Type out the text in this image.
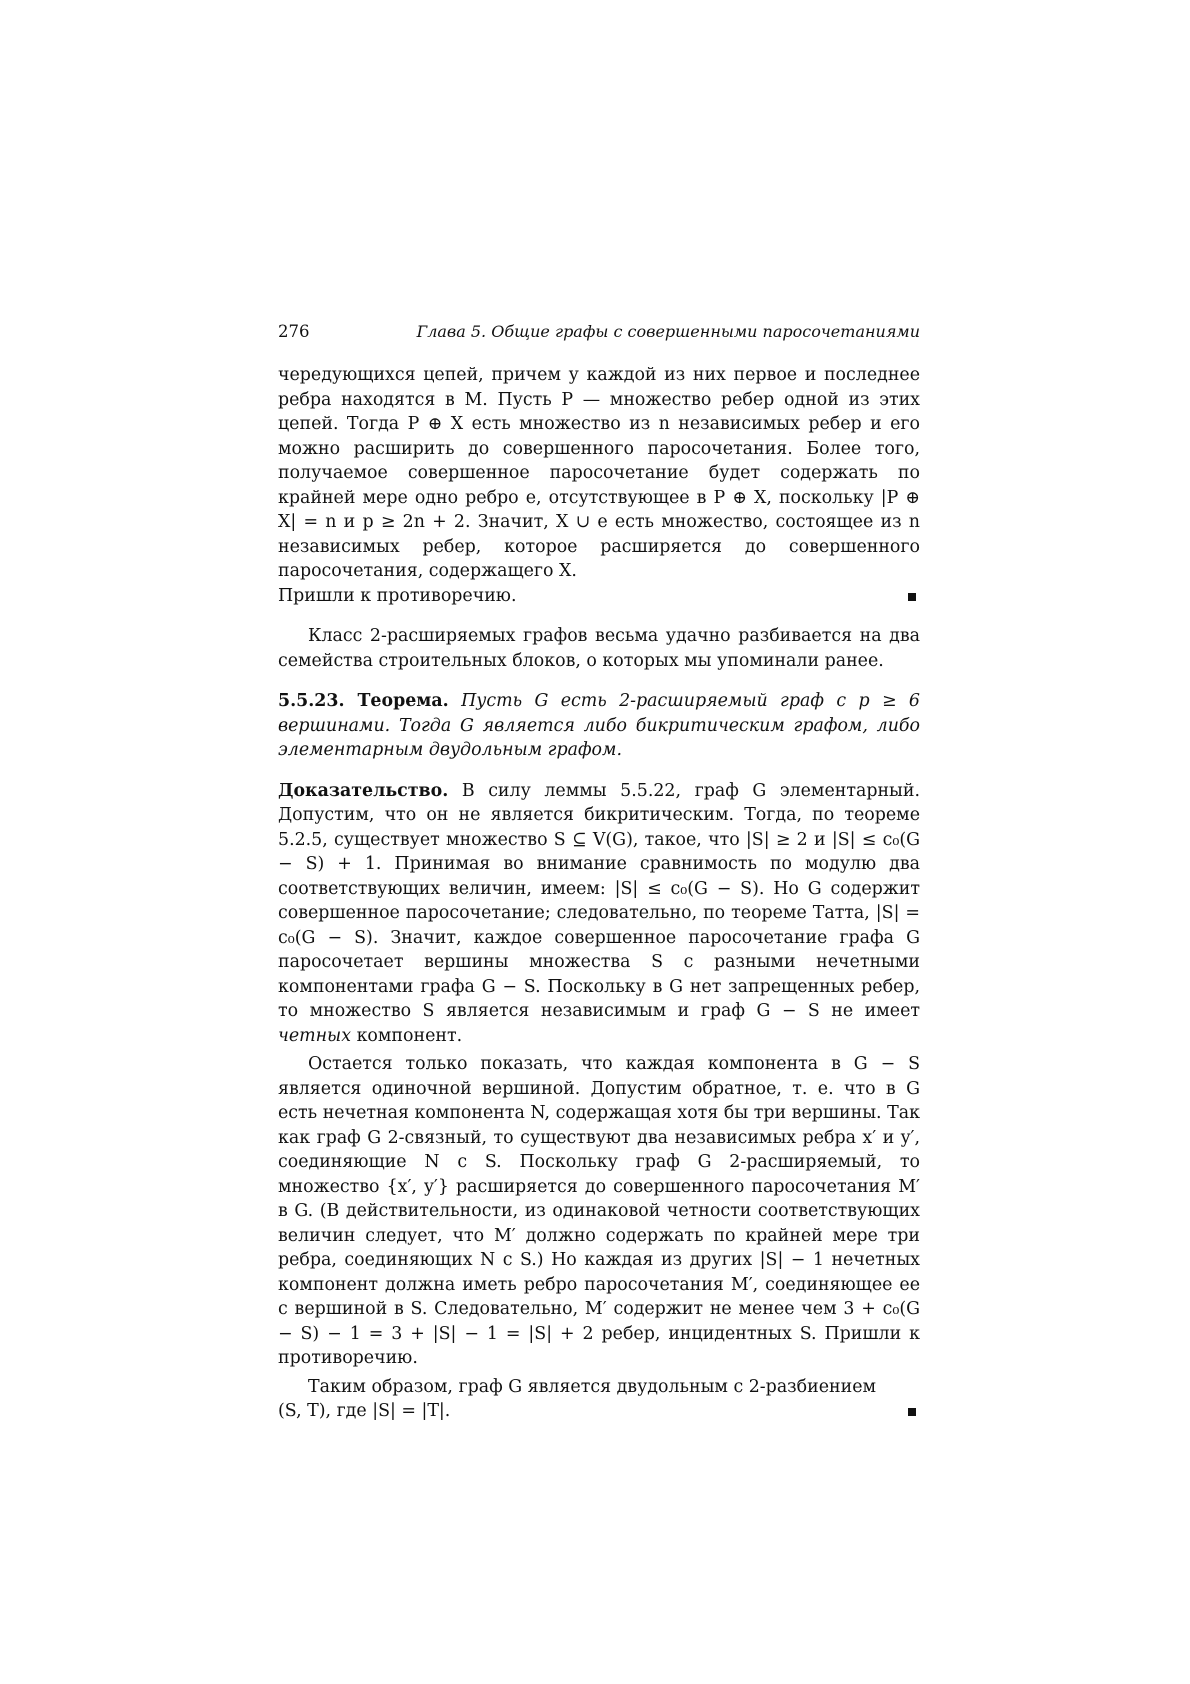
276	Глава 5. Общие графы с совершенными паросочетаниями

чередующихся цепей, причем у каждой из них первое и последнее ребра находятся в M. Пусть P — множество ребер одной из этих цепей. Тогда P ⊕ X есть множество из n независимых ребер и его можно расширить до совершенного паросочетания. Более того, получаемое совершенное паросочетание будет содержать по крайней мере одно ребро e, отсутствующее в P ⊕ X, поскольку |P ⊕ X| = n и p ≥ 2n + 2. Значит, X ∪ e есть множество, состоящее из n независимых ребер, которое расширяется до совершенного паросочетания, содержащего X.

Пришли к противоречию.

Класс 2-расширяемых графов весьма удачно разбивается на два семейства строительных блоков, о которых мы упоминали ранее.

5.5.23. Теорема. Пусть G есть 2-расширяемый граф с p ≥ 6 вершинами. Тогда G является либо бикритическим графом, либо элементарным двудольным графом.

Доказательство. В силу леммы 5.5.22, граф G элементарный. Допустим, что он не является бикритическим. Тогда, по теореме 5.2.5, существует множество S ⊆ V(G), такое, что |S| ≥ 2 и |S| ≤ c₀(G − S) + 1. Принимая во внимание сравнимость по модулю два соответствующих величин, имеем: |S| ≤ c₀(G − S). Но G содержит совершенное паросочетание; следовательно, по теореме Татта, |S| = c₀(G − S). Значит, каждое совершенное паросочетание графа G паросочетает вершины множества S с разными нечетными компонентами графа G − S. Поскольку в G нет запрещенных ребер, то множество S является независимым и граф G − S не имеет четных компонент.

Остается только показать, что каждая компонента в G − S является одиночной вершиной. Допустим обратное, т. е. что в G есть нечетная компонента N, содержащая хотя бы три вершины. Так как граф G 2-связный, то существуют два независимых ребра x′ и y′, соединяющие N с S. Поскольку граф G 2-расширяемый, то множество {x′, y′} расширяется до совершенного паросочетания M′ в G. (В действительности, из одинаковой четности соответствующих величин следует, что M′ должно содержать по крайней мере три ребра, соединяющих N с S.) Но каждая из других |S| − 1 нечетных компонент должна иметь ребро паросочетания M′, соединяющее ее с вершиной в S. Следовательно, M′ содержит не менее чем 3 + c₀(G − S) − 1 = 3 + |S| − 1 = |S| + 2 ребер, инцидентных S. Пришли к противоречию.

Таким образом, граф G является двудольным с 2-разбиением

(S, T), где |S| = |T|.
